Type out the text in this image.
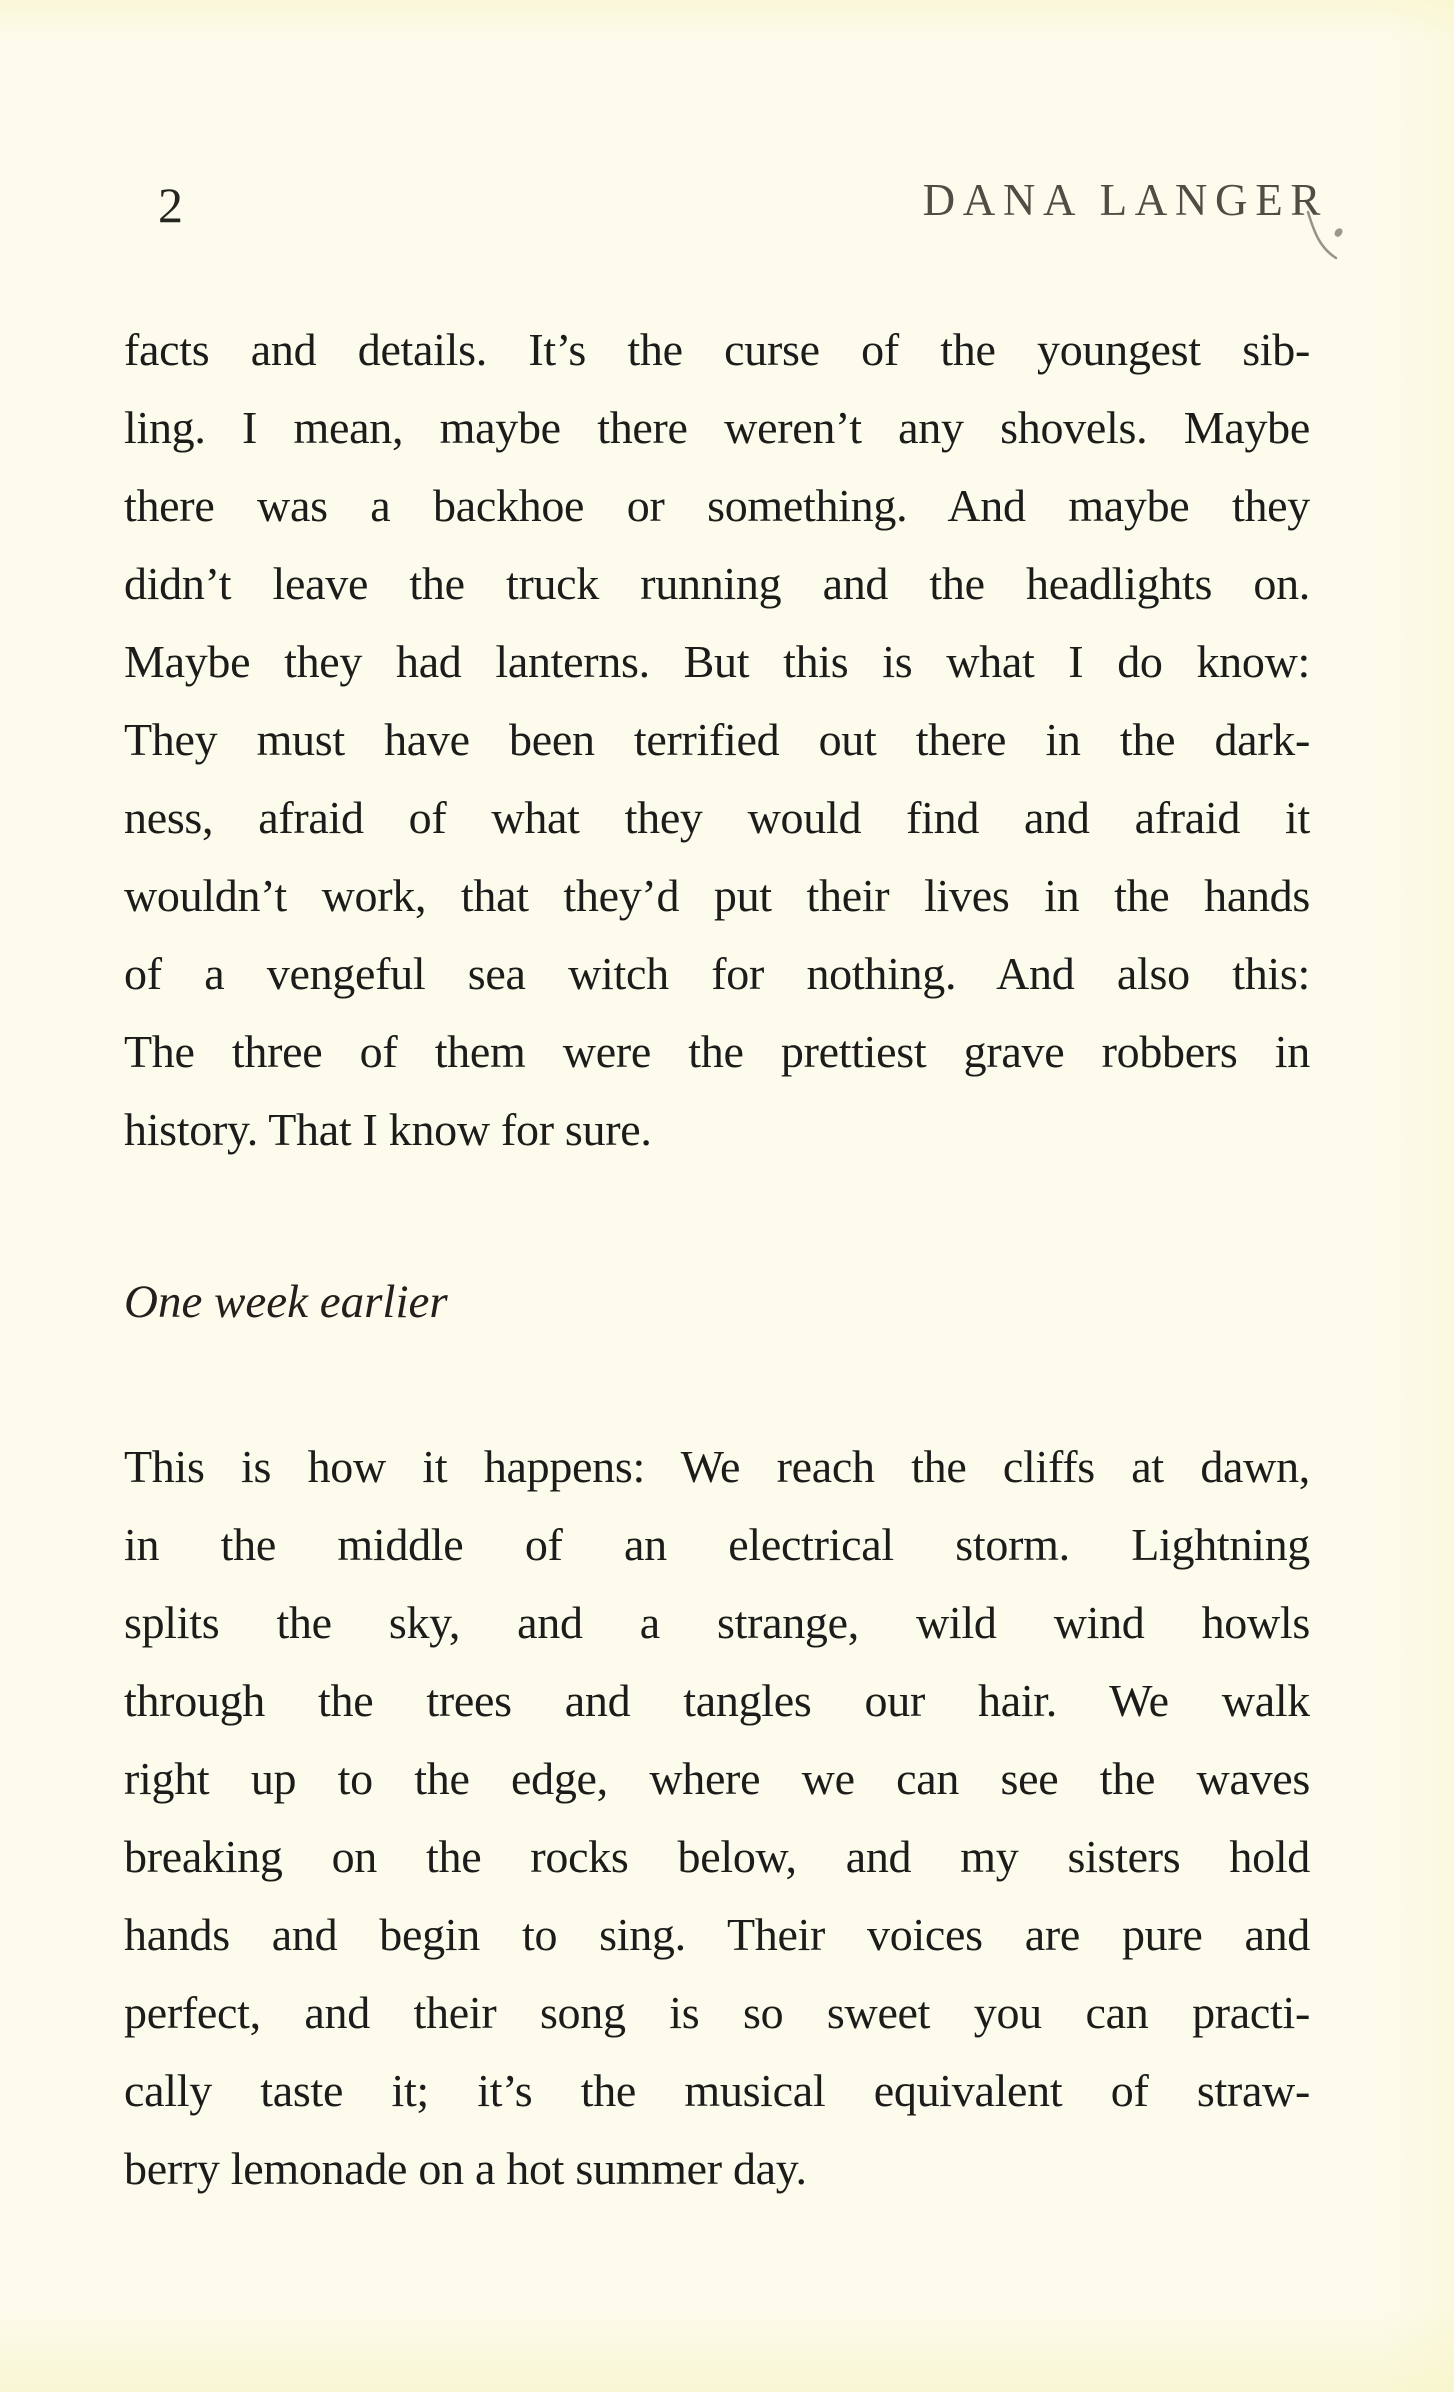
2	DANA LANGER
facts and details. It’s the curse of the youngest sib-
ling. I mean, maybe there weren’t any shovels. Maybe
there was a backhoe or something. And maybe they
didn’t leave the truck running and the headlights on.
Maybe they had lanterns. But this is what I do know:
They must have been terrified out there in the dark-
ness, afraid of what they would find and afraid it
wouldn’t work, that they’d put their lives in the hands
of a vengeful sea witch for nothing. And also this:
The three of them were the prettiest grave robbers in
history. That I know for sure.
One week earlier
This is how it happens: We reach the cliffs at dawn,
in the middle of an electrical storm. Lightning
splits the sky, and a strange, wild wind howls
through the trees and tangles our hair. We walk
right up to the edge, where we can see the waves
breaking on the rocks below, and my sisters hold
hands and begin to sing. Their voices are pure and
perfect, and their song is so sweet you can practi-
cally taste it; it’s the musical equivalent of straw-
berry lemonade on a hot summer day.
